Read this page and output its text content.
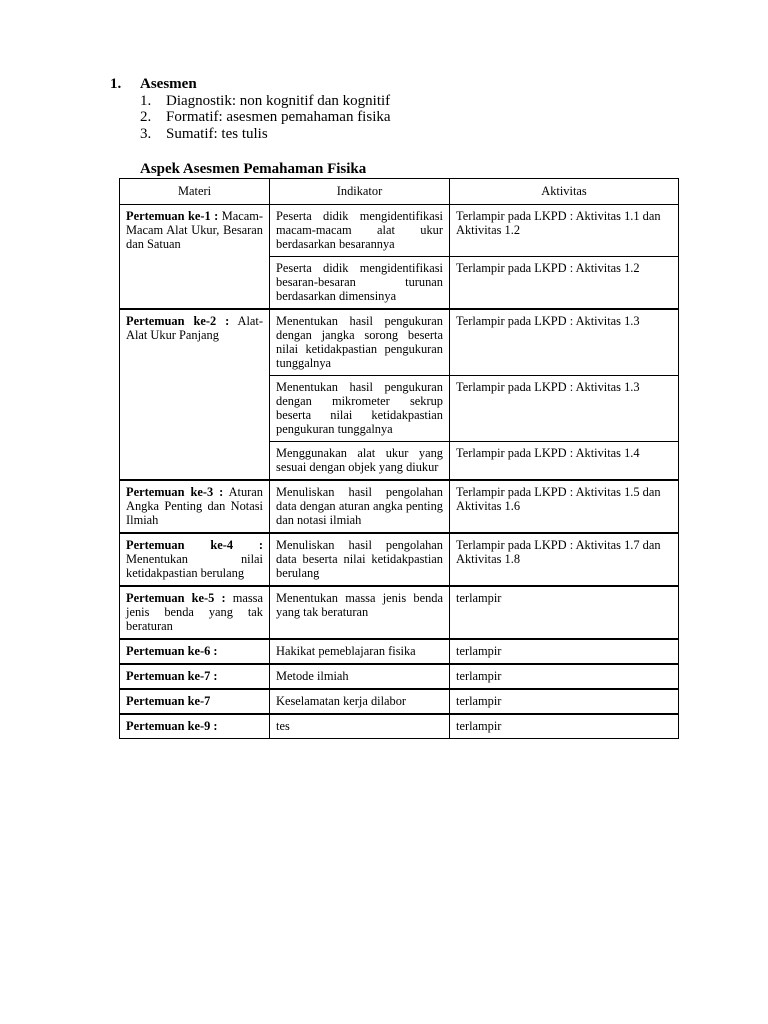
1. Asesmen
1. Diagnostik: non kognitif dan kognitif
2. Formatif: asesmen pemahaman fisika
3. Sumatif: tes tulis
Aspek Asesmen Pemahaman Fisika
Materi	Indikator	Aktivitas
Pertemuan ke-1 : Macam-Macam Alat Ukur, Besaran dan Satuan	Peserta didik mengidentifikasi macam-macam alat ukur berdasarkan besarannya	Terlampir pada LKPD : Aktivitas 1.1 dan Aktivitas 1.2
	Peserta didik mengidentifikasi besaran-besaran turunan berdasarkan dimensinya	Terlampir pada LKPD : Aktivitas 1.2
Pertemuan ke-2 : Alat-Alat Ukur Panjang	Menentukan hasil pengukuran dengan jangka sorong beserta nilai ketidakpastian pengukuran tunggalnya	Terlampir pada LKPD : Aktivitas 1.3
	Menentukan hasil pengukuran dengan mikrometer sekrup beserta nilai ketidakpastian pengukuran tunggalnya	Terlampir pada LKPD : Aktivitas 1.3
	Menggunakan alat ukur yang sesuai dengan objek yang diukur	Terlampir pada LKPD : Aktivitas 1.4
Pertemuan ke-3 : Aturan Angka Penting dan Notasi Ilmiah	Menuliskan hasil pengolahan data dengan aturan angka penting dan notasi ilmiah	Terlampir pada LKPD : Aktivitas 1.5 dan Aktivitas 1.6
Pertemuan ke-4 : Menentukan nilai ketidakpastian berulang	Menuliskan hasil pengolahan data beserta nilai ketidakpastian berulang	Terlampir pada LKPD : Aktivitas 1.7 dan Aktivitas 1.8
Pertemuan ke-5 : massa jenis benda yang tak beraturan	Menentukan massa jenis benda yang tak beraturan	terlampir
Pertemuan ke-6 :	Hakikat pemeblajaran fisika	terlampir
Pertemuan ke-7 :	Metode ilmiah	terlampir
Pertemuan ke-7	Keselamatan kerja dilabor	terlampir
Pertemuan ke-9 :	tes	terlampir
